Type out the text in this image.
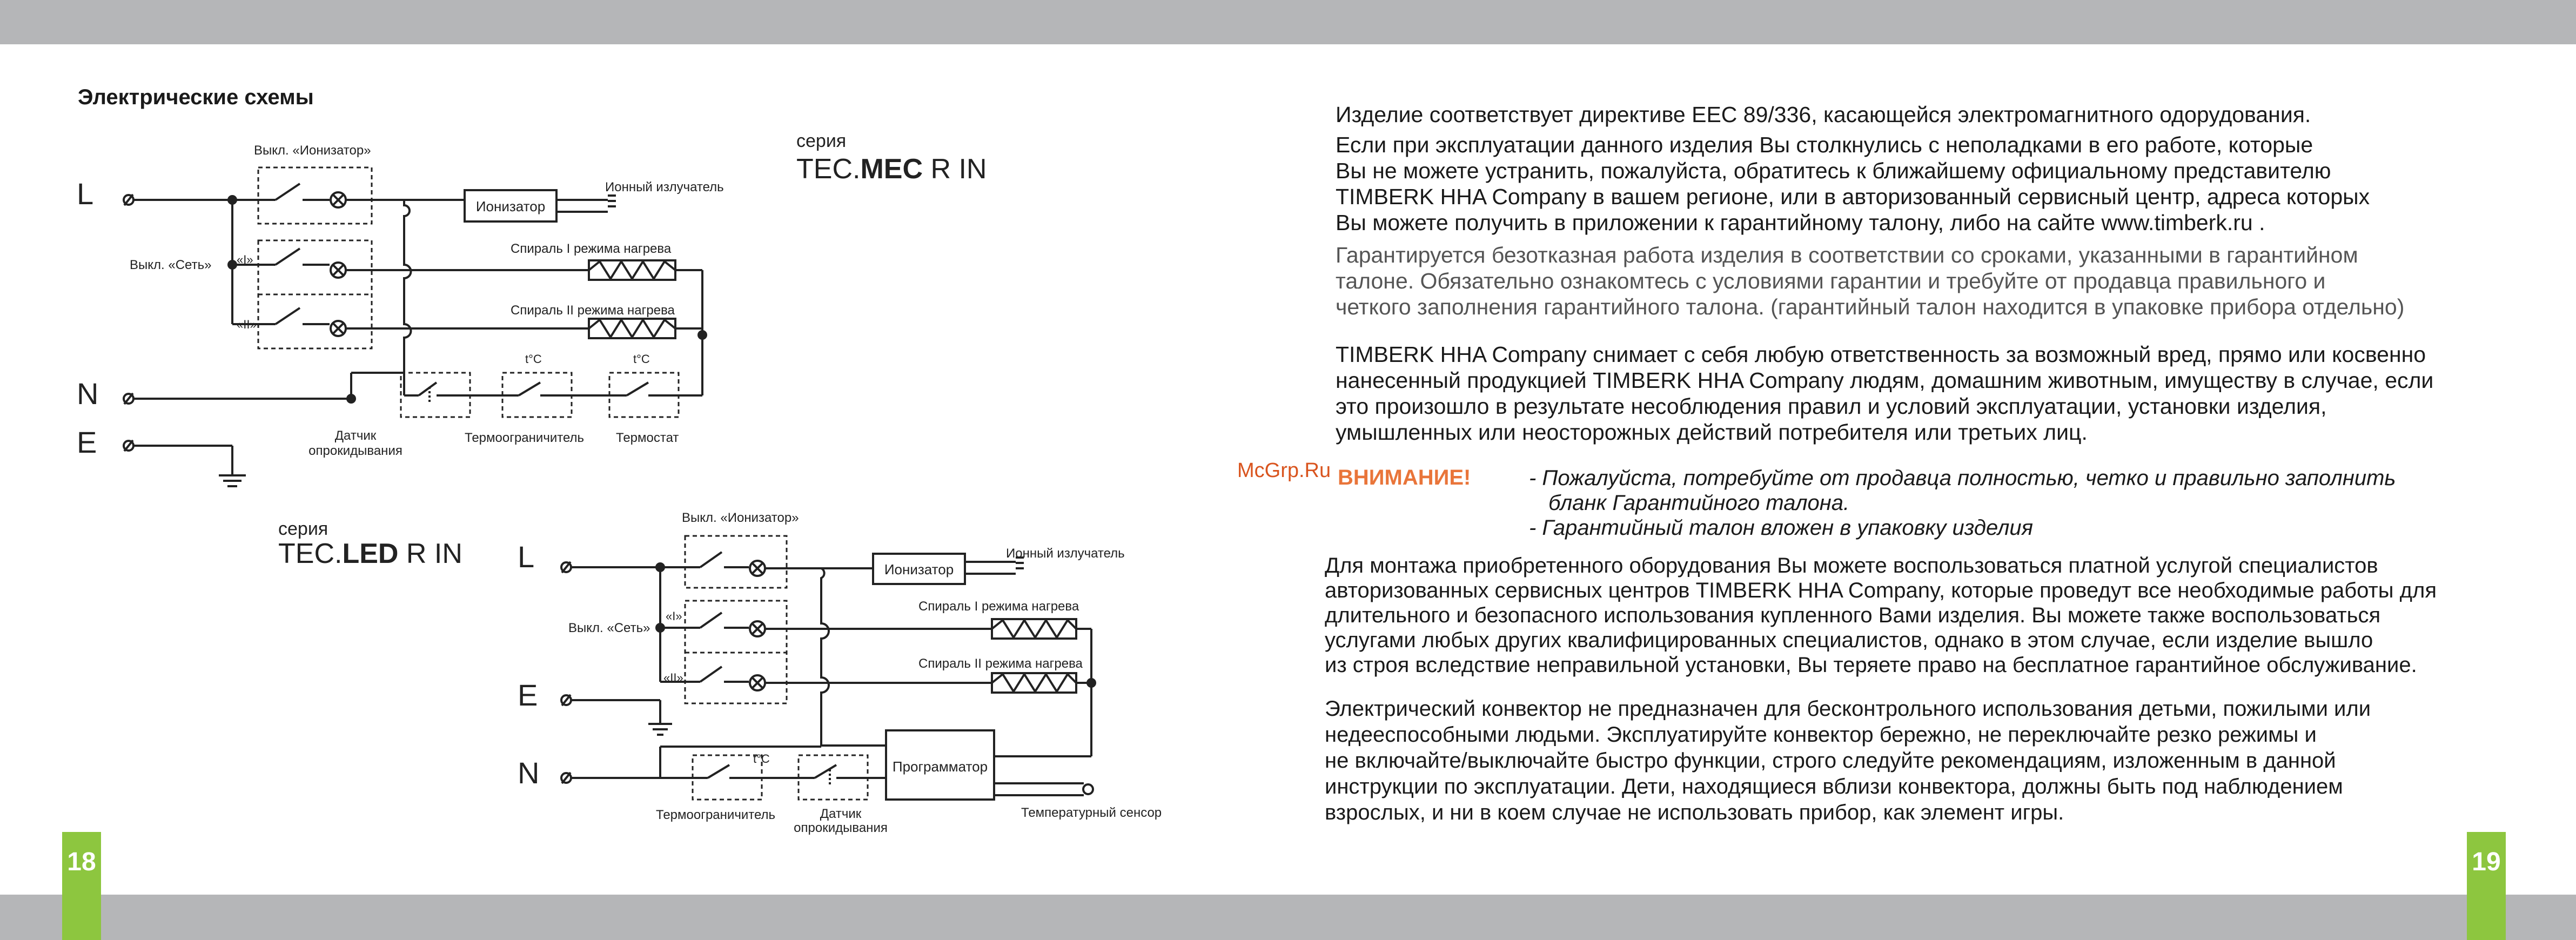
18	19
Электрические схемы
серия
TEC.MEC R IN
L
N
E
Выкл. «Ионизатор»
Ионизатор
Ионный излучатель
Выкл. «Сеть» «I»
«II»
Спираль I режима нагрева
Спираль II режима нагрева
Датчик
опрокидывания
t°C
Термоограничитель
t°C
Термостат
серия
TEC.LED R IN L
E
N
Выкл. «Ионизатор»
Ионизатор
Ионный излучатель
Выкл. «Сеть»
«I»
«II»
Спираль I режима нагрева
Спираль II режима нагрева
Программатор
Температурный сенсор
t°C
Термоограничитель	Датчик
опрокидывания

Изделие соответствует директиве ЕЕС 89/336, касающейся электромагнитного одорудования.

Если при эксплуатации данного изделия Вы столкнулись с неполадками в его работе, которые
Вы не можете устранить, пожалуйста, обратитесь к ближайшему официальному представителю
TIMBERK HHA Company в вашем регионе, или в авторизованный сервисный центр, адреса которых
Вы можете получить в приложении к гарантийному талону, либо на сайте www.timberk.ru .
Гарантируется безотказная работа изделия в соответствии со сроками, указанными в гарантийном
талоне. Обязательно ознакомтесь с условиями гарантии и требуйте от продавца правильного и
четкого заполнения гарантийного талона. (гарантийный талон находится в упаковке прибора отдельно)
TIMBERK HHA Company снимает с себя любую ответственность за возможный вред, прямо или косвенно
нанесенный продукцией TIMBERK HHA Company людям, домашним животным, имуществу в случае, если
это произошло в результате несоблюдения правил и условий эксплуатации, установки изделия,
умышленных или неосторожных действий потребителя или третьих лиц.
McGrp.Ru ВНИМАНИЕ!	- Пожалуйста, потребуйте от продавца полностью, четко и правильно заполнить бланк Гарантийного талона.
- Гарантийный талон вложен в упаковку изделия
Для монтажа приобретенного оборудования Вы можете воспользоваться платной услугой специалистов
авторизованных сервисных центров TIMBERK HHA Company, которые проведут все необходимые работы для
длительного и безопасного использования купленного Вами изделия. Вы можете также воспользоваться
услугами любых других квалифицированных специалистов, однако в этом случае, если изделие вышло
из строя вследствие неправильной установки, Вы теряете право на бесплатное гарантийное обслуживание.
Электрический конвектор не предназначен для бесконтрольного использования детьми, пожилыми или
недееспособными людьми. Эксплуатируйте конвектор бережно, не переключайте резко режимы и
не включайте/выключайте быстро функции, строго следуйте рекомендациям, изложенным в данной
инструкции по эксплуатации. Дети, находящиеся вблизи конвектора, должны быть под наблюдением
взрослых, и ни в коем случае не использовать прибор, как элемент игры.
